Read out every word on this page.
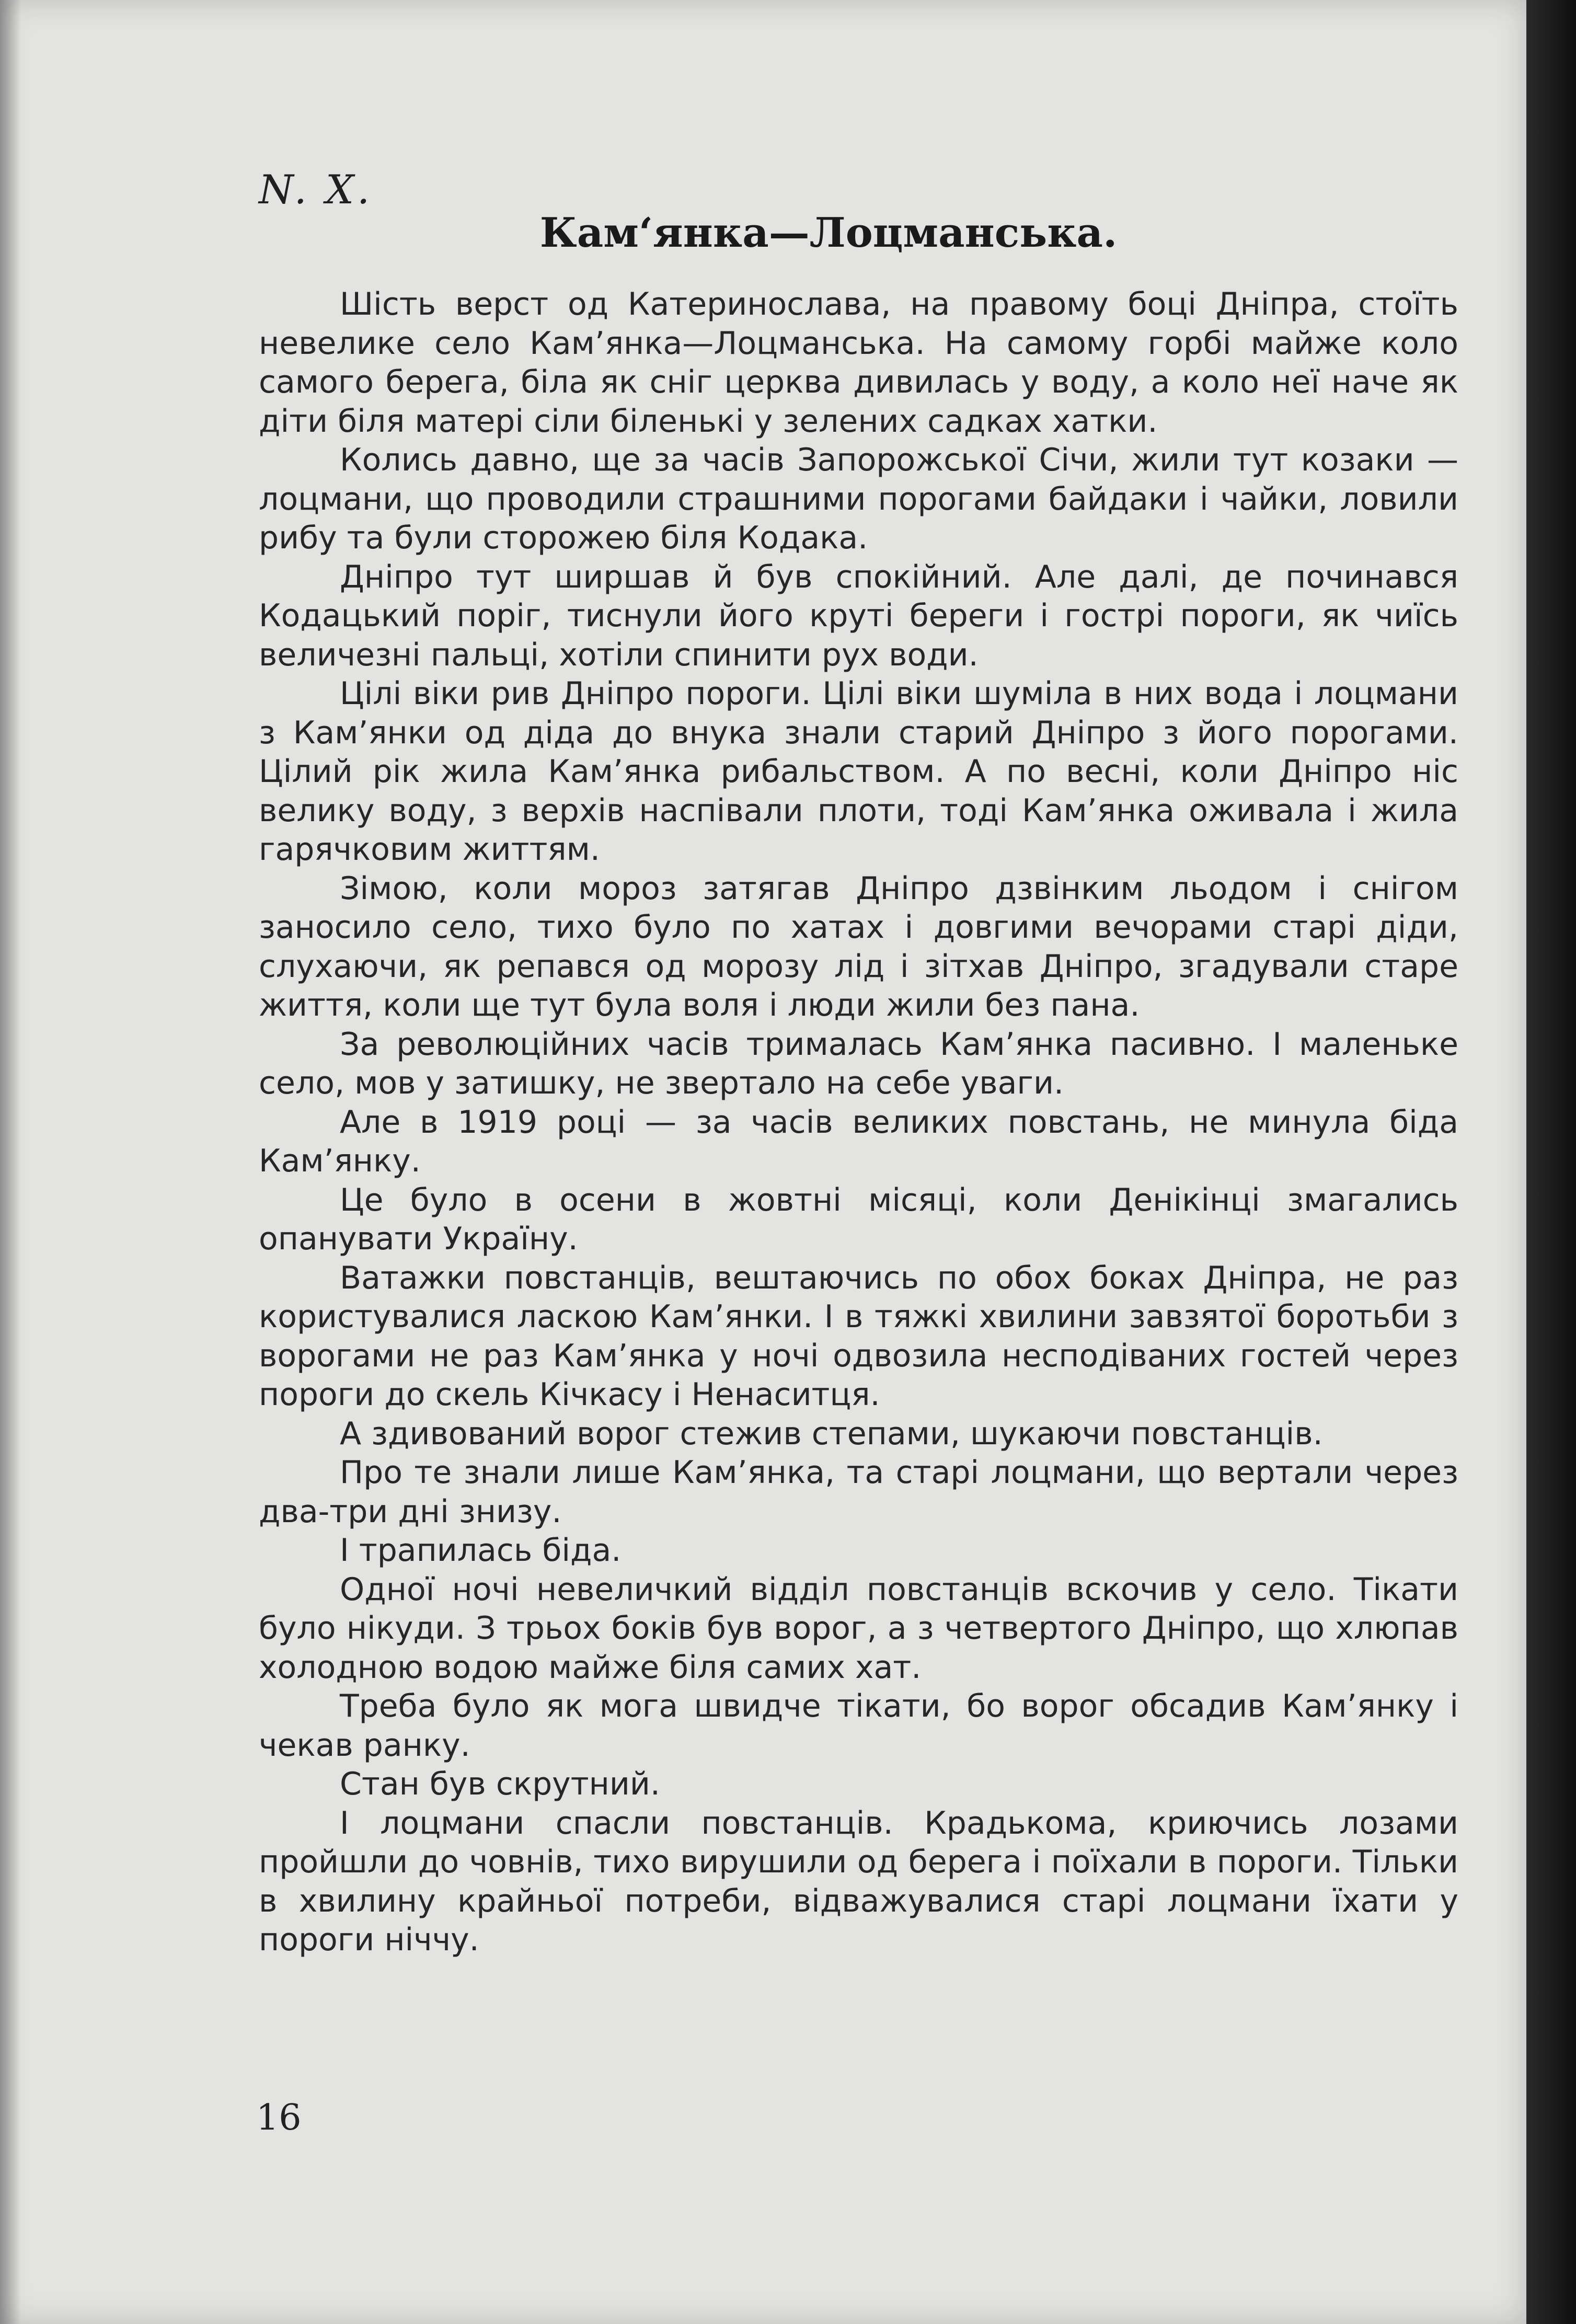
N. X.
Кам‘янка—Лоцманська.

Шість верст од Катеринослава, на правому боці Дніпра, стоїть невелике село Кам’янка—Лоцманська. На самому горбі майже коло самого берега, біла як сніг церква дивилась у воду, а коло неї наче як діти біля матері сіли біленькі у зелених садках хатки.

Колись давно, ще за часів Запорожської Січи, жили тут козаки — лоцмани, що проводили страшними порогами байдаки і чайки, ловили рибу та були сторожею біля Кодака.

Дніпро тут ширшав й був спокійний. Але далі, де починався Кодацький поріг, тиснули його круті береги і гострі пороги, як чиїсь величезні пальці, хотіли спинити рух води.

Цілі віки рив Дніпро пороги. Цілі віки шуміла в них вода і лоцмани з Кам’янки од діда до внука знали старий Дніпро з його порогами. Цілий рік жила Кам’янка рибальством. А по весні, коли Дніпро ніс велику воду, з верхів наспівали плоти, тоді Кам’янка оживала і жила гарячковим життям.

Зімою, коли мороз затягав Дніпро дзвінким льодом і снігом заносило село, тихо було по хатах і довгими вечорами старі діди, слухаючи, як репався од морозу лід і зітхав Дніпро, згадували старе життя, коли ще тут була воля і люди жили без пана.

За революційних часів трималась Кам’янка пасивно. І маленьке село, мов у затишку, не звертало на себе уваги.

Але в 1919 році — за часів великих повстань, не минула біда Кам’янку.

Це було в осени в жовтні місяці, коли Денікінці змагались опанувати Україну.

Ватажки повстанців, вештаючись по обох боках Дніпра, не раз користувалися ласкою Кам’янки. І в тяжкі хвилини завзятої боротьби з ворогами не раз Кам’янка у ночі одвозила несподіваних гостей через пороги до скель Кічкасу і Ненаситця.

А здивований ворог стежив степами, шукаючи повстанців.

Про те знали лише Кам’янка, та старі лоцмани, що вертали через два-три дні знизу.

І трапилась біда.

Одної ночі невеличкий відділ повстанців вскочив у село. Тікати було нікуди. З трьох боків був ворог, а з четвертого Дніпро, що хлюпав холодною водою майже біля самих хат.

Треба було як мога швидче тікати, бо ворог обсадив Кам’янку і чекав ранку.

Стан був скрутний.

І лоцмани спасли повстанців. Крадькома, криючись лозами пройшли до човнів, тихо вирушили од берега і поїхали в пороги. Тільки в хвилину крайньої потреби, відважувалися старі лоцмани їхати у пороги ніччу.

16
